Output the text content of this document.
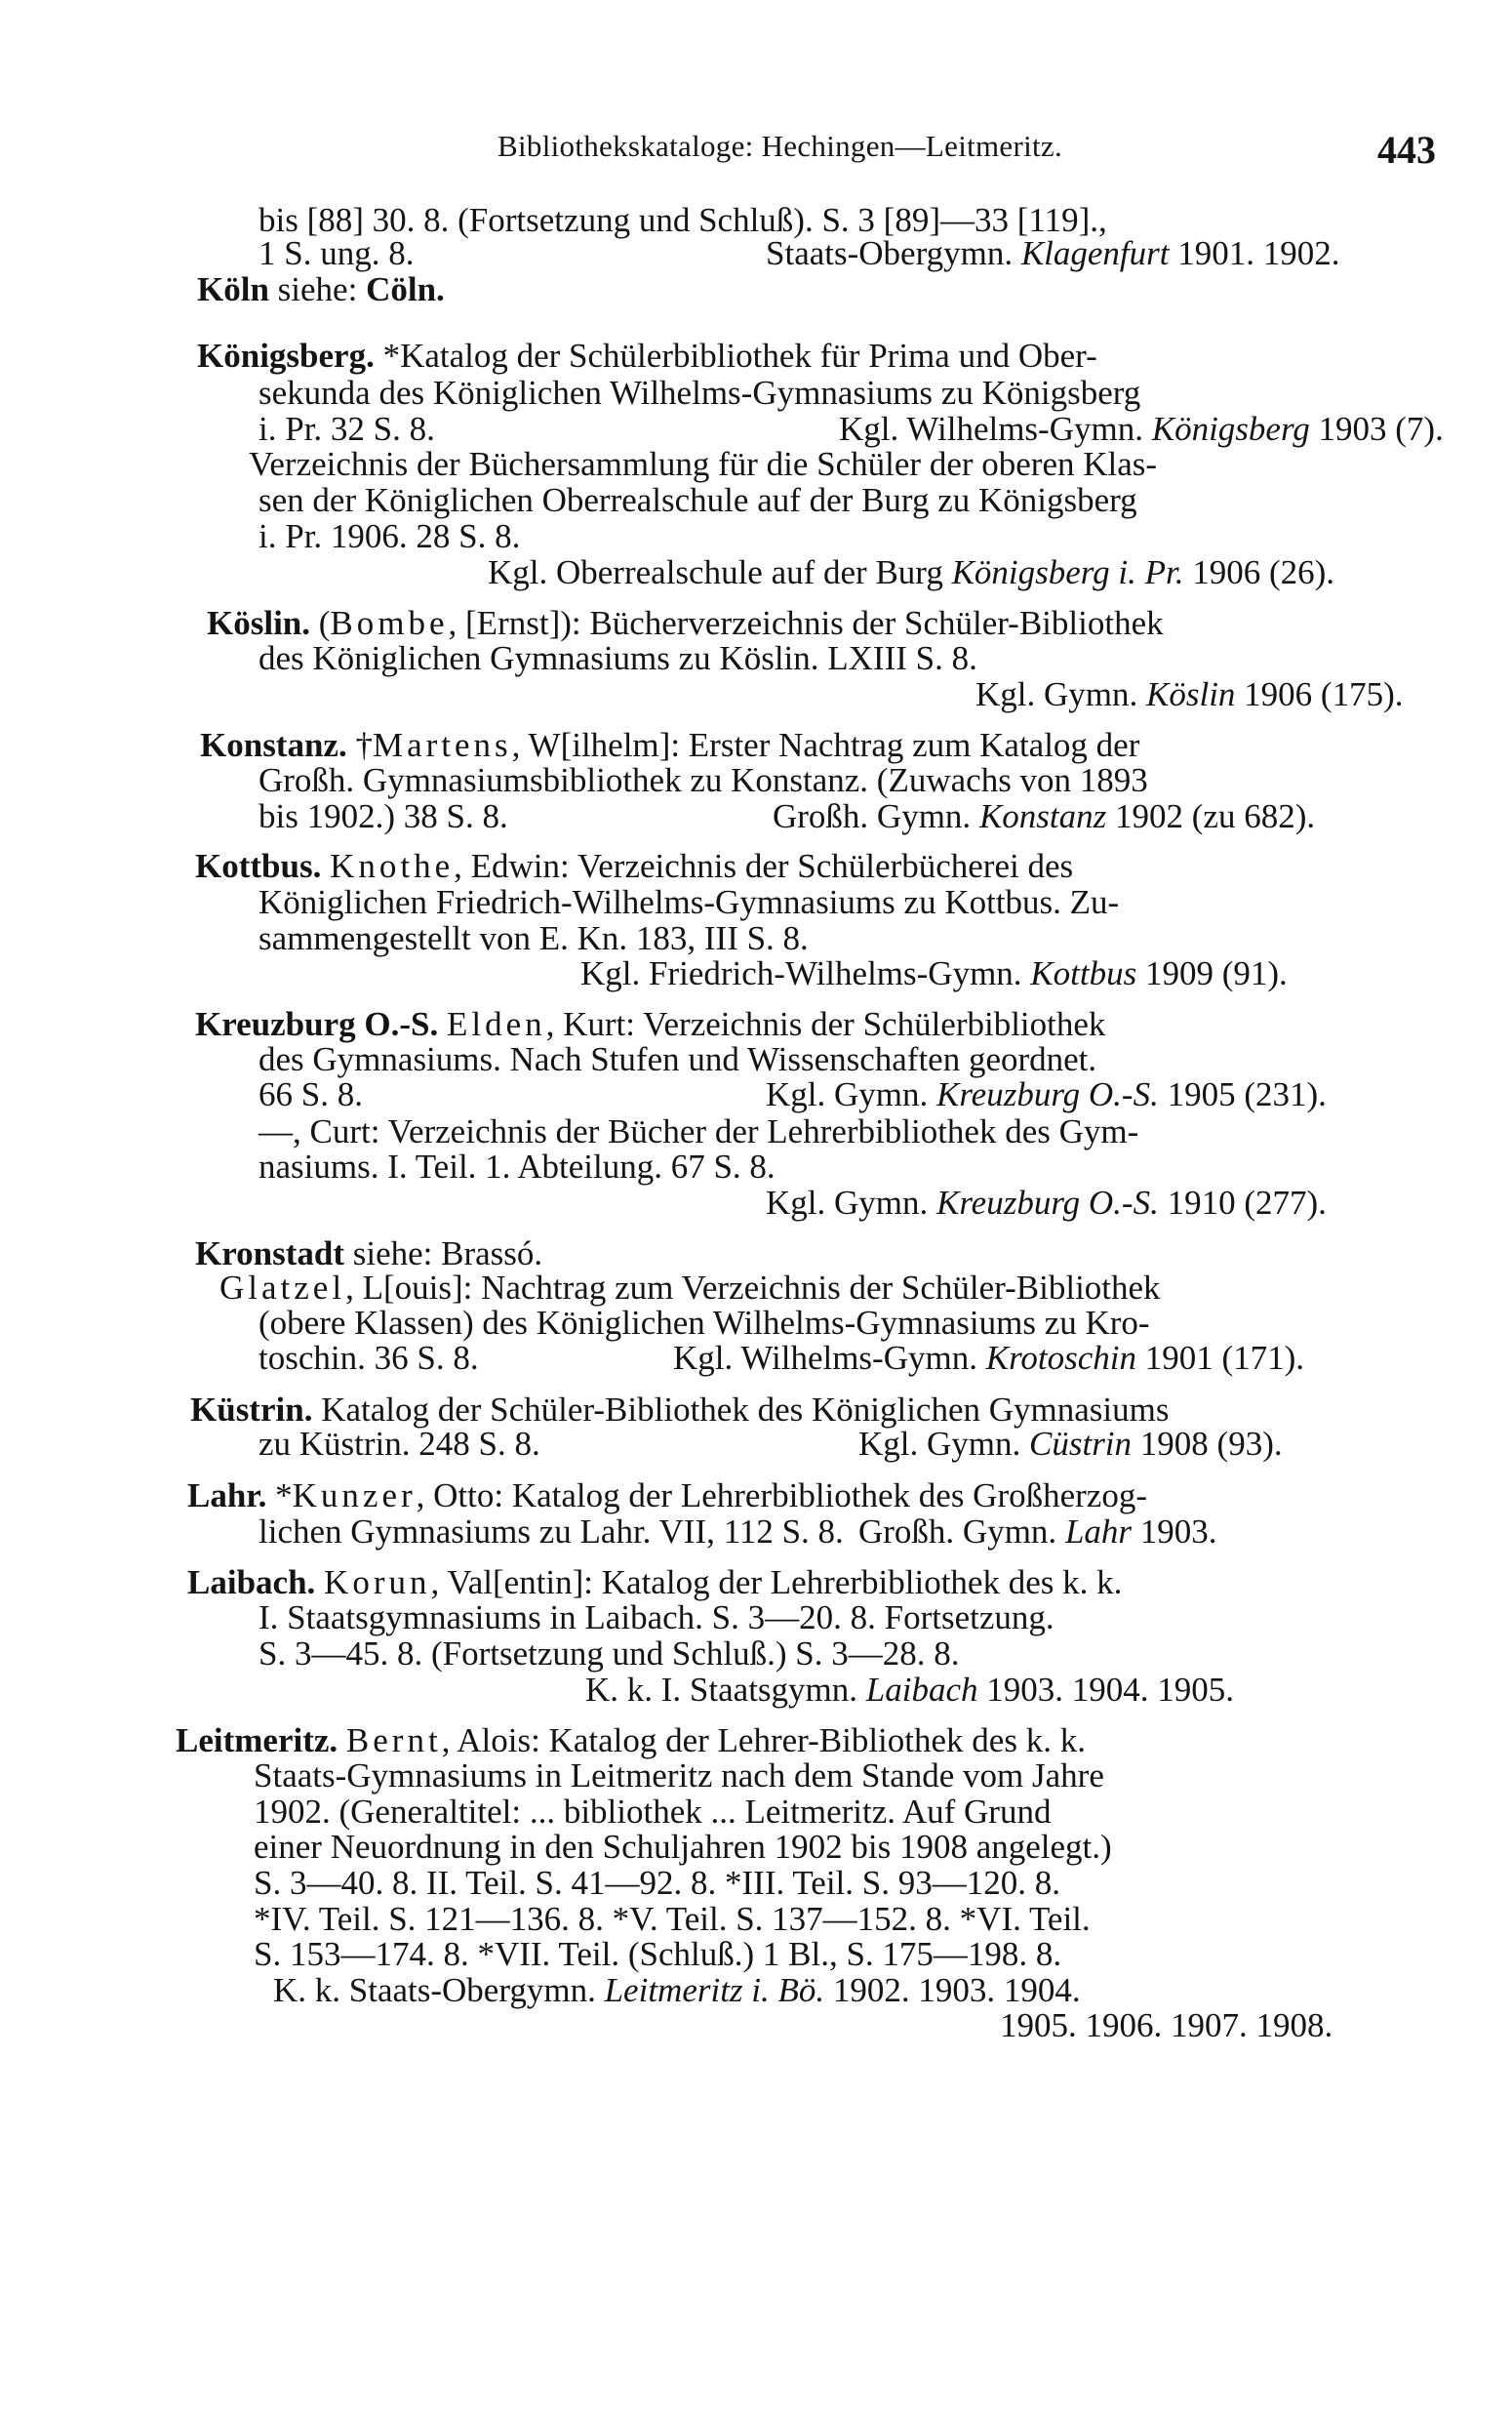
Bibliothekskataloge: Hechingen—Leitmeritz.	443
bis [88] 30. 8. (Fortsetzung und Schluß). S. 3 [89]—33 [119].,
1 S. ung. 8.	Staats-Obergymn. Klagenfurt 1901. 1902.
Köln siehe: Cöln.
Königsberg. *Katalog der Schülerbibliothek für Prima und Ober-
sekunda des Königlichen Wilhelms-Gymnasiums zu Königsberg
i. Pr. 32 S. 8.	Kgl. Wilhelms-Gymn. Königsberg 1903 (7).
Verzeichnis der Büchersammlung für die Schüler der oberen Klas-
sen der Königlichen Oberrealschule auf der Burg zu Königsberg
i. Pr. 1906. 28 S. 8.
Kgl. Oberrealschule auf der Burg Königsberg i. Pr. 1906 (26).
Köslin. (Bombe, [Ernst]): Bücherverzeichnis der Schüler-Bibliothek
des Königlichen Gymnasiums zu Köslin. LXIII S. 8.
Kgl. Gymn. Köslin 1906 (175).
Konstanz. †Martens, W[ilhelm]: Erster Nachtrag zum Katalog der
Großh. Gymnasiumsbibliothek zu Konstanz. (Zuwachs von 1893
bis 1902.) 38 S. 8.	Großh. Gymn. Konstanz 1902 (zu 682).
Kottbus. Knothe, Edwin: Verzeichnis der Schülerbücherei des
Königlichen Friedrich-Wilhelms-Gymnasiums zu Kottbus. Zu-
sammengestellt von E. Kn. 183, III S. 8.
Kgl. Friedrich-Wilhelms-Gymn. Kottbus 1909 (91).
Kreuzburg O.-S. Elden, Kurt: Verzeichnis der Schülerbibliothek
des Gymnasiums. Nach Stufen und Wissenschaften geordnet.
66 S. 8.	Kgl. Gymn. Kreuzburg O.-S. 1905 (231).
—, Curt: Verzeichnis der Bücher der Lehrerbibliothek des Gym-
nasiums. I. Teil. 1. Abteilung. 67 S. 8.
Kgl. Gymn. Kreuzburg O.-S. 1910 (277).
Kronstadt siehe: Brassó.
Glatzel, L[ouis]: Nachtrag zum Verzeichnis der Schüler-Bibliothek
(obere Klassen) des Königlichen Wilhelms-Gymnasiums zu Kro-
toschin. 36 S. 8.	Kgl. Wilhelms-Gymn. Krotoschin 1901 (171).
Küstrin. Katalog der Schüler-Bibliothek des Königlichen Gymnasiums
zu Küstrin. 248 S. 8.	Kgl. Gymn. Cüstrin 1908 (93).
Lahr. *Kunzer, Otto: Katalog der Lehrerbibliothek des Großherzog-
lichen Gymnasiums zu Lahr. VII, 112 S. 8. Großh. Gymn. Lahr 1903.
Laibach. Korun, Val[entin]: Katalog der Lehrerbibliothek des k. k.
I. Staatsgymnasiums in Laibach. S. 3—20. 8. Fortsetzung.
S. 3—45. 8. (Fortsetzung und Schluß.) S. 3—28. 8.
K. k. I. Staatsgymn. Laibach 1903. 1904. 1905.
Leitmeritz. Bernt, Alois: Katalog der Lehrer-Bibliothek des k. k.
Staats-Gymnasiums in Leitmeritz nach dem Stande vom Jahre
1902. (Generaltitel: ... bibliothek ... Leitmeritz. Auf Grund
einer Neuordnung in den Schuljahren 1902 bis 1908 angelegt.)
S. 3—40. 8. II. Teil. S. 41—92. 8. *III. Teil. S. 93—120. 8.
*IV. Teil. S. 121—136. 8. *V. Teil. S. 137—152. 8. *VI. Teil.
S. 153—174. 8. *VII. Teil. (Schluß.) 1 Bl., S. 175—198. 8.
K. k. Staats-Obergymn. Leitmeritz i. Bö. 1902. 1903. 1904.
1905. 1906. 1907. 1908.
